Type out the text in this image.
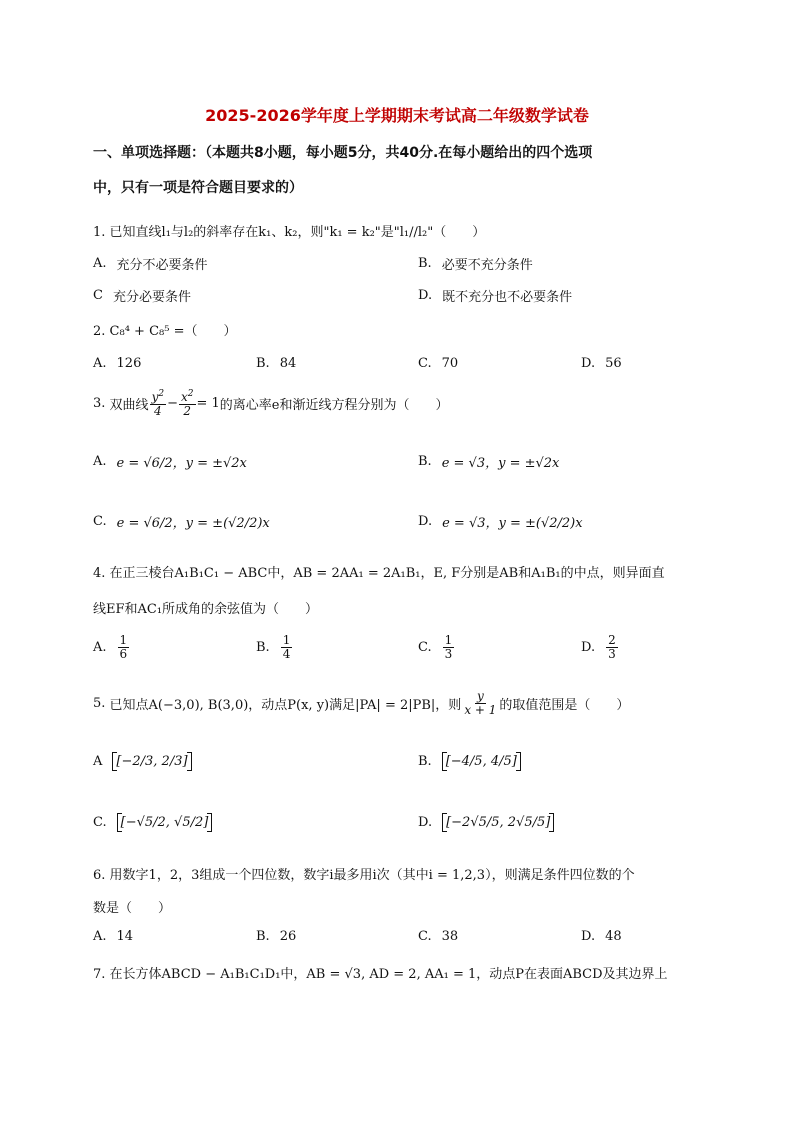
2025-2026学年度上学期期末考试高二年级数学试卷
一、单项选择题：（本题共8小题，每小题5分，共40分.在每小题给出的四个选项
中，只有一项是符合题目要求的）
1. 已知直线l₁与l₂的斜率存在k₁、k₂，则"k₁ = k₂"是"l₁//l₂"（　　）
A. 充分不必要条件	B. 必要不充分条件
C 充分必要条件	D. 既不充分也不必要条件
2. C₈⁴ + C₈⁵ =（　　）
A. 126	B. 84	C. 70	D. 56
3.
双曲线 $\frac{y^2}{4} - \frac{x^2}{2} = 1$ 的离心率e和渐近线方程分别为（　　）
A. e = √6/2，y = ±√2x	B. e = √3，y = ±√2x
C. e = √6/2，y = ±(√2/2)x	D. e = √3，y = ±(√2/2)x
4. 在正三棱台A₁B₁C₁ − ABC中，AB = 2AA₁ = 2A₁B₁，E, F分别是AB和A₁B₁的中点，则异面直
线EF和AC₁所成角的余弦值为（　　）
A. $\frac{1}{6}$	B. $\frac{1}{4}$	C. $\frac{1}{3}$	D. $\frac{2}{3}$
5.
已知点A(−3,0), B(3,0)，动点P(x, y)满足|PA| = 2|PB|，则 $\frac{y}{x + 1}$ 的取值范围是（　　）
A	[−2/3, 2/3]	B.	[−4/5, 4/5]
C.	[−√5/2, √5/2]	D.	[−2√5/5, 2√5/5]
6. 用数字1，2，3组成一个四位数，数字i最多用i次（其中i = 1,2,3），则满足条件四位数的个
数是（　　）
A. 14	B. 26	C. 38	D. 48
7. 在长方体ABCD − A₁B₁C₁D₁中，AB = √3, AD = 2, AA₁ = 1，动点P在表面ABCD及其边界上
